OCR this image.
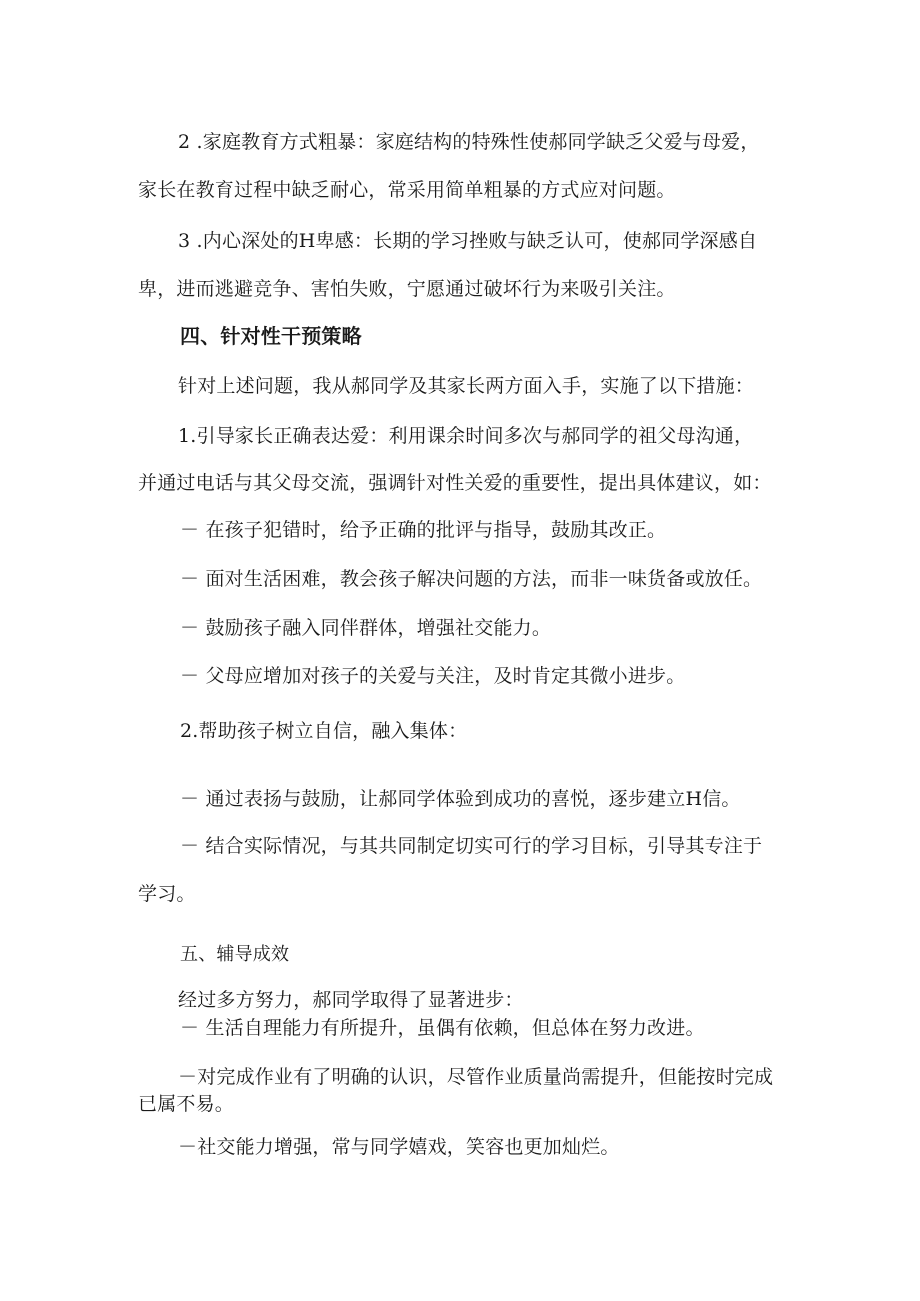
2 .家庭教育方式粗暴：家庭结构的特殊性使郝同学缺乏父爱与母爱，
家长在教育过程中缺乏耐心，常采用简单粗暴的方式应对问题。
3 .内心深处的H卑感：长期的学习挫败与缺乏认可，使郝同学深感自
卑，进而逃避竞争、害怕失败，宁愿通过破坏行为来吸引关注。
四、针对性干预策略
针对上述问题，我从郝同学及其家长两方面入手，实施了以下措施：
1.引导家长正确表达爱：利用课余时间多次与郝同学的祖父母沟通，
并通过电话与其父母交流，强调针对性关爱的重要性，提出具体建议，如：
－ 在孩子犯错时，给予正确的批评与指导，鼓励其改正。
－ 面对生活困难，教会孩子解决问题的方法，而非一味货备或放任。
－ 鼓励孩子融入同伴群体，增强社交能力。
－ 父母应增加对孩子的关爱与关注，及时肯定其微小进步。
2.帮助孩子树立自信，融入集体：
－ 通过表扬与鼓励，让郝同学体验到成功的喜悦，逐步建立H信。
－ 结合实际情况，与其共同制定切实可行的学习目标，引导其专注于
学习。
五、辅导成效
经过多方努力，郝同学取得了显著进步：
－ 生活自理能力有所提升，虽偶有依赖，但总体在努力改进。
－对完成作业有了明确的认识，尽管作业质量尚需提升，但能按时完成
已属不易。
－社交能力增强，常与同学嬉戏，笑容也更加灿烂。
